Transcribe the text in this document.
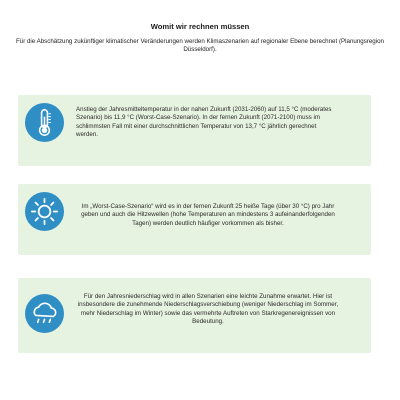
Womit wir rechnen müssen
Für die Abschätzung zukünftiger klimatischer Veränderungen werden Klimaszenarien auf regionaler Ebene berechnet (Planungsregion Düsseldorf).
Anstieg der Jahresmitteltemperatur in der nahen Zukunft (2031-2060) auf 11,5 °C (moderates Szenario) bis 11,9 °C (Worst-Case-Szenario). In der fernen Zukunft (2071-2100) muss im schlimmsten Fall mit einer durchschnittlichen Temperatur von 13,7 °C jährlich gerechnet werden.
Im „Worst-Case-Szenario“ wird es in der fernen Zukunft 25 heiße Tage (über 30 °C) pro Jahr geben und auch die Hitzewellen (hohe Temperaturen an mindestens 3 aufeinanderfolgenden Tagen) werden deutlich häufiger vorkommen als bisher.
Für den Jahresniederschlag wird in allen Szenarien eine leichte Zunahme erwartet. Hier ist insbesondere die zunehmende Niederschlagsverschiebung (weniger Niederschlag im Sommer, mehr Niederschlag im Winter) sowie das vermehrte Auftreten von Starkregenereignissen von Bedeutung.
